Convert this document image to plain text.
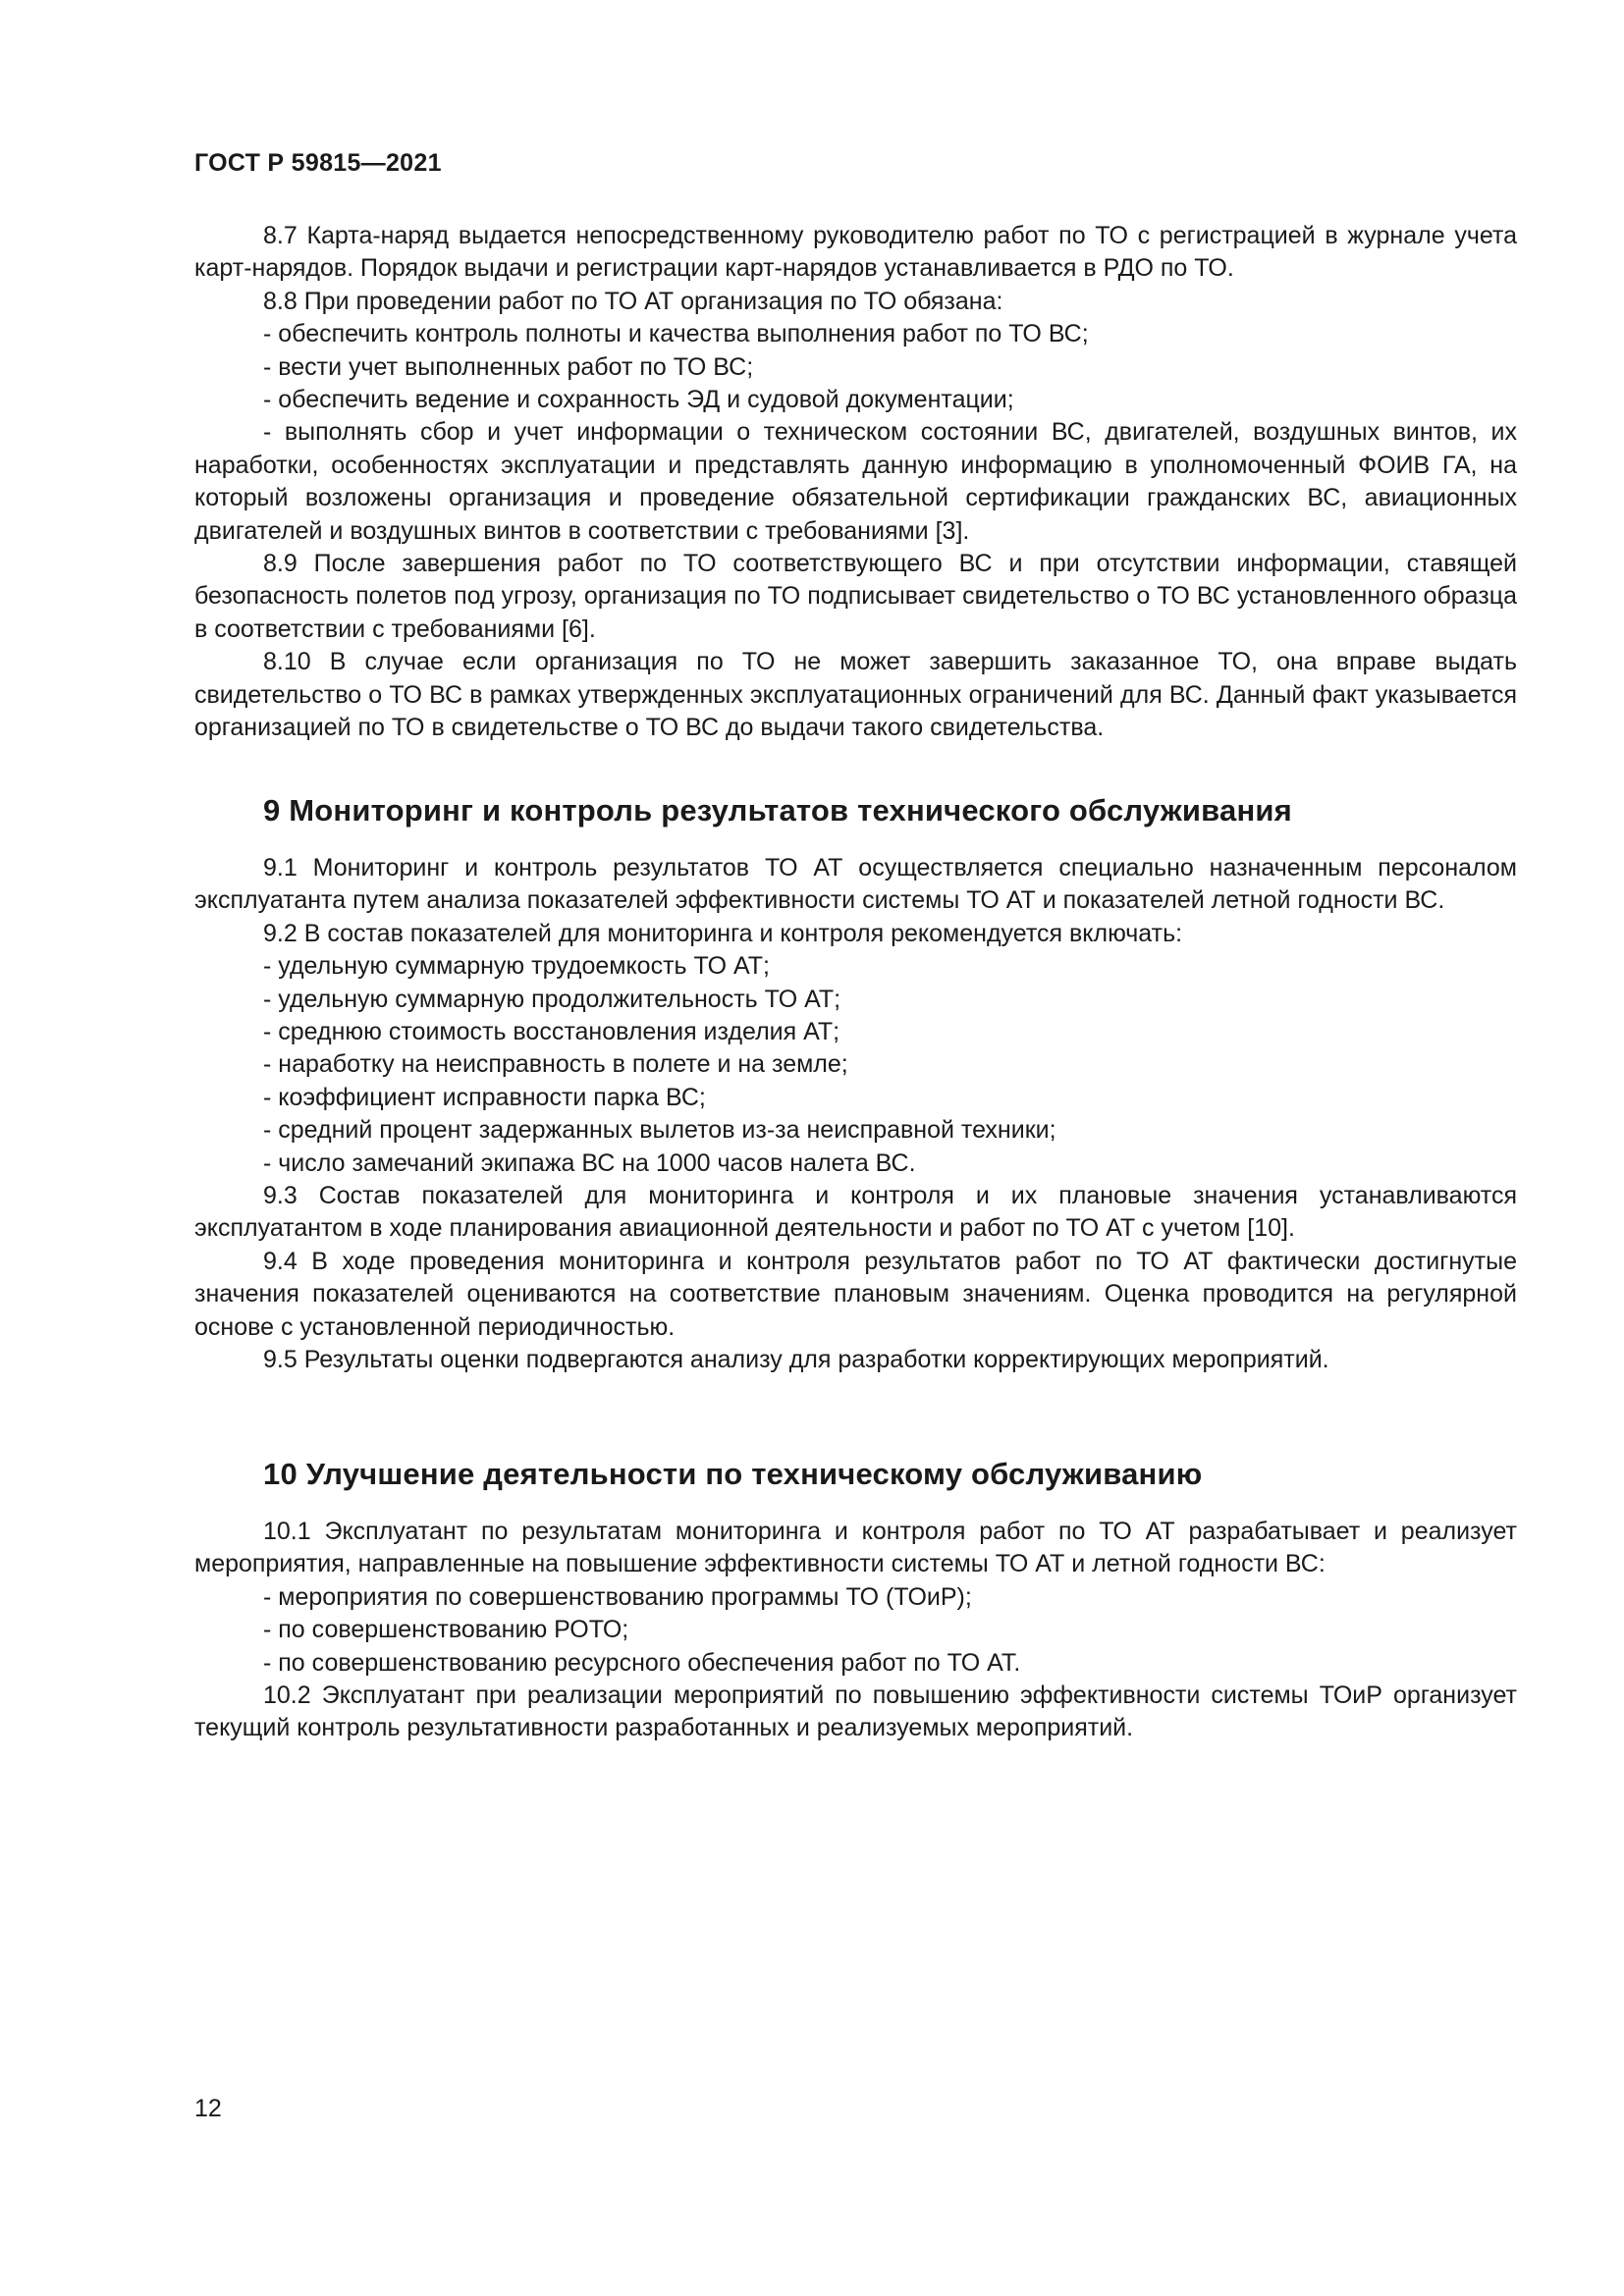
ГОСТ Р 59815—2021

8.7 Карта-наряд выдается непосредственному руководителю работ по ТО с регистрацией в журнале учета карт-нарядов. Порядок выдачи и регистрации карт-нарядов устанавливается в РДО по ТО.

8.8 При проведении работ по ТО АТ организация по ТО обязана:

- обеспечить контроль полноты и качества выполнения работ по ТО ВС;

- вести учет выполненных работ по ТО ВС;

- обеспечить ведение и сохранность ЭД и судовой документации;

- выполнять сбор и учет информации о техническом состоянии ВС, двигателей, воздушных винтов, их наработки, особенностях эксплуатации и представлять данную информацию в уполномоченный ФОИВ ГА, на который возложены организация и проведение обязательной сертификации гражданских ВС, авиационных двигателей и воздушных винтов в соответствии с требованиями [3].

8.9 После завершения работ по ТО соответствующего ВС и при отсутствии информации, ставящей безопасность полетов под угрозу, организация по ТО подписывает свидетельство о ТО ВС установленного образца в соответствии с требованиями [6].

8.10 В случае если организация по ТО не может завершить заказанное ТО, она вправе выдать свидетельство о ТО ВС в рамках утвержденных эксплуатационных ограничений для ВС. Данный факт указывается организацией по ТО в свидетельстве о ТО ВС до выдачи такого свидетельства.

9 Мониторинг и контроль результатов технического обслуживания

9.1 Мониторинг и контроль результатов ТО АТ осуществляется специально назначенным персоналом эксплуатанта путем анализа показателей эффективности системы ТО АТ и показателей летной годности ВС.

9.2 В состав показателей для мониторинга и контроля рекомендуется включать:

- удельную суммарную трудоемкость ТО АТ;

- удельную суммарную продолжительность ТО АТ;

- среднюю стоимость восстановления изделия АТ;

- наработку на неисправность в полете и на земле;

- коэффициент исправности парка ВС;

- средний процент задержанных вылетов из-за неисправной техники;

- число замечаний экипажа ВС на 1000 часов налета ВС.

9.3 Состав показателей для мониторинга и контроля и их плановые значения устанавливаются эксплуатантом в ходе планирования авиационной деятельности и работ по ТО АТ с учетом [10].

9.4 В ходе проведения мониторинга и контроля результатов работ по ТО АТ фактически достигнутые значения показателей оцениваются на соответствие плановым значениям. Оценка проводится на регулярной основе с установленной периодичностью.

9.5 Результаты оценки подвергаются анализу для разработки корректирующих мероприятий.

10 Улучшение деятельности по техническому обслуживанию

10.1 Эксплуатант по результатам мониторинга и контроля работ по ТО АТ разрабатывает и реализует мероприятия, направленные на повышение эффективности системы ТО АТ и летной годности ВС:

- мероприятия по совершенствованию программы ТО (ТОиР);

- по совершенствованию РОТО;

- по совершенствованию ресурсного обеспечения работ по ТО АТ.

10.2 Эксплуатант при реализации мероприятий по повышению эффективности системы ТОиР организует текущий контроль результативности разработанных и реализуемых мероприятий.

12
